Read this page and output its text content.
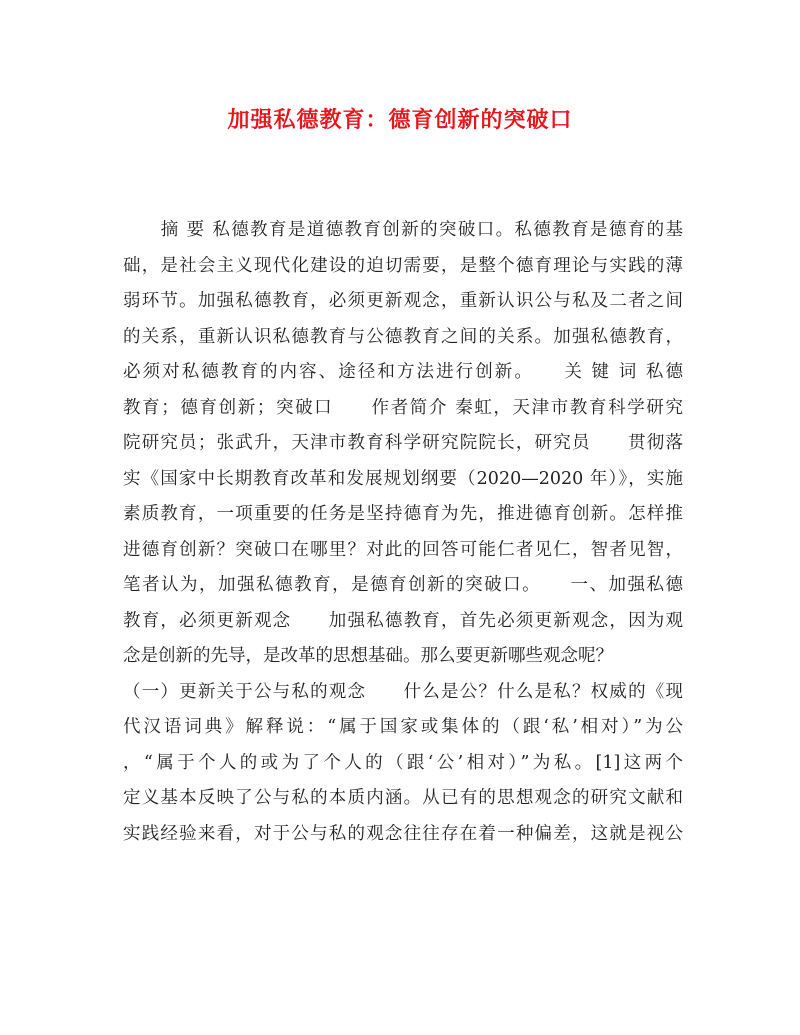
加强私德教育：德育创新的突破口
　　摘 要 私德教育是道德教育创新的突破口。私德教育是德育的基
础，是社会主义现代化建设的迫切需要，是整个德育理论与实践的薄
弱环节。加强私德教育，必须更新观念，重新认识公与私及二者之间
的关系，重新认识私德教育与公德教育之间的关系。加强私德教育，
必须对私德教育的内容、途径和方法进行创新。　　关 键 词 私德
教育；德育创新；突破口　　作者简介 秦虹，天津市教育科学研究
院研究员；张武升，天津市教育科学研究院院长，研究员　　贯彻落
实《国家中长期教育改革和发展规划纲要（2020—2020 年）》，实施
素质教育，一项重要的任务是坚持德育为先，推进德育创新。怎样推
进德育创新？突破口在哪里？对此的回答可能仁者见仁，智者见智，
笔者认为，加强私德教育，是德育创新的突破口。　　一、加强私德
教育，必须更新观念　　加强私德教育，首先必须更新观念，因为观
念是创新的先导，是改革的思想基础。那么要更新哪些观念呢？
（一）更新关于公与私的观念　　什么是公？什么是私？权威的《现
代汉语词典》解释说：“属于国家或集体的（跟‘私’相对）”为公
，“属于个人的或为了个人的（跟‘公’相对）”为私。[1]这两个
定义基本反映了公与私的本质内涵。从已有的思想观念的研究文献和
实践经验来看，对于公与私的观念往往存在着一种偏差，这就是视公
